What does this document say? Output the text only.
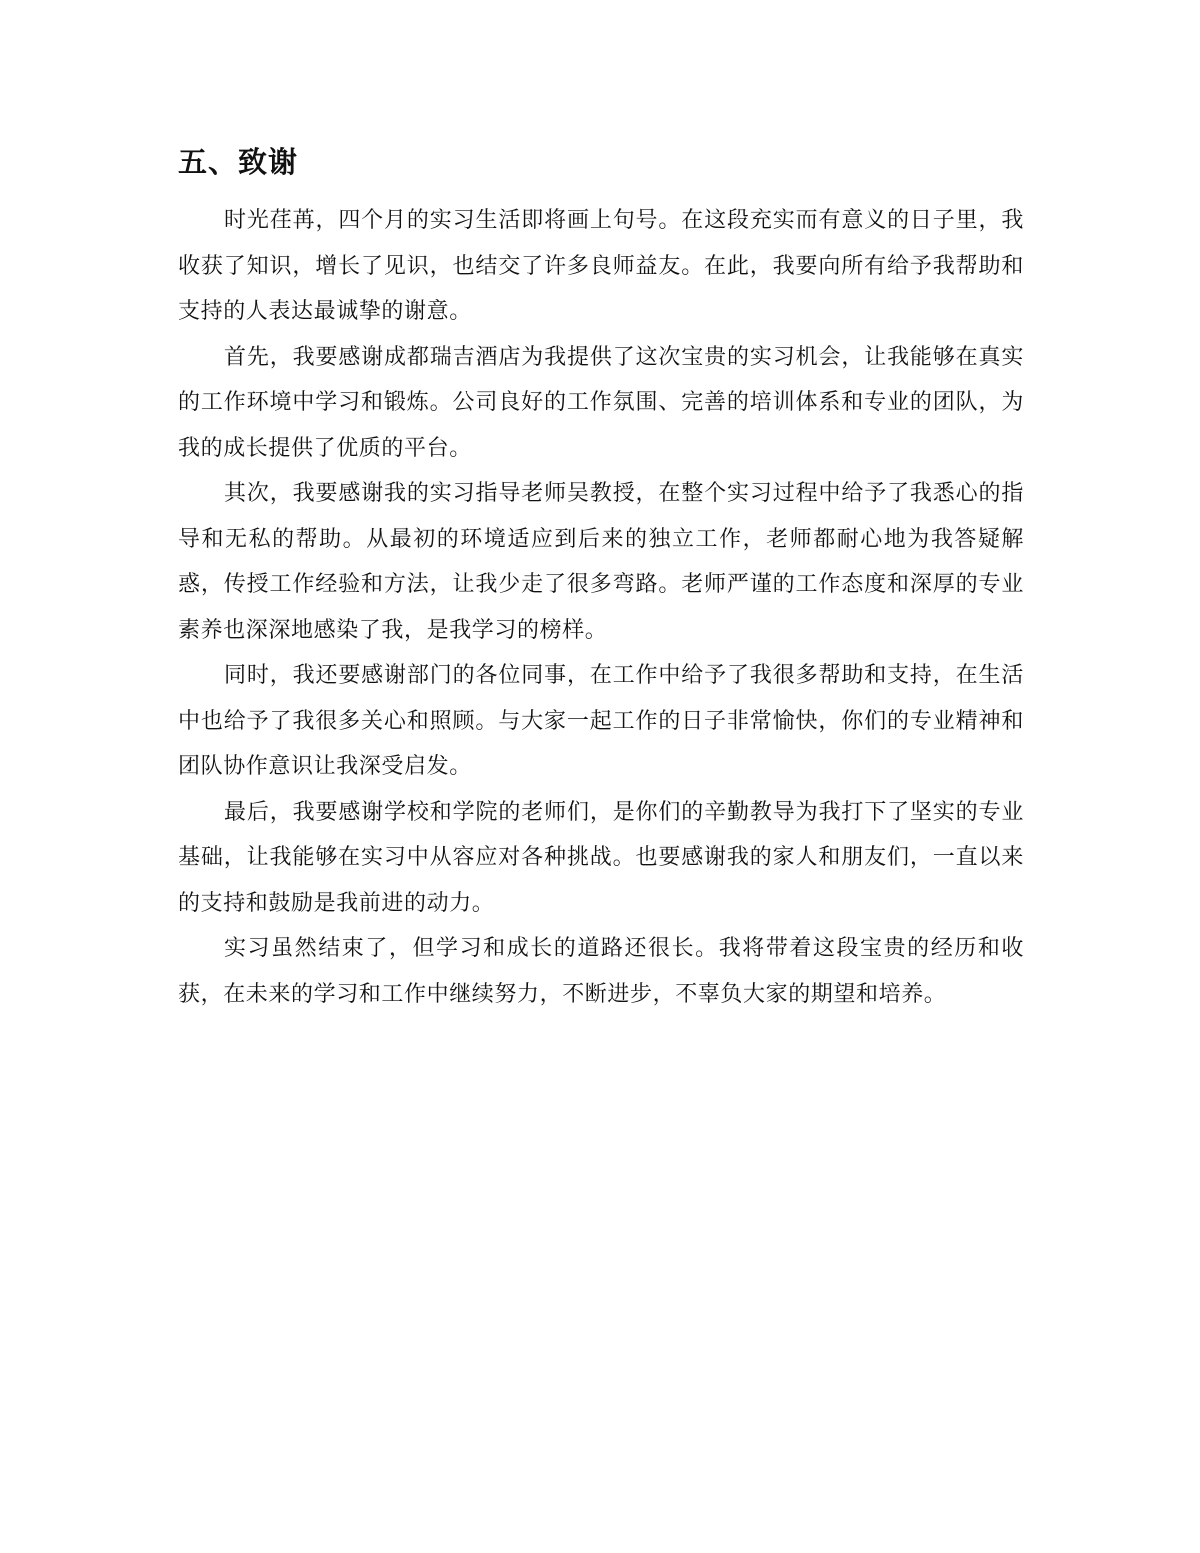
五、致谢

时光荏苒，四个月的实习生活即将画上句号。在这段充实而有意义的日子里，我收获了知识，增长了见识，也结交了许多良师益友。在此，我要向所有给予我帮助和支持的人表达最诚挚的谢意。

首先，我要感谢成都瑞吉酒店为我提供了这次宝贵的实习机会，让我能够在真实的工作环境中学习和锻炼。公司良好的工作氛围、完善的培训体系和专业的团队，为我的成长提供了优质的平台。

其次，我要感谢我的实习指导老师吴教授，在整个实习过程中给予了我悉心的指导和无私的帮助。从最初的环境适应到后来的独立工作，老师都耐心地为我答疑解惑，传授工作经验和方法，让我少走了很多弯路。老师严谨的工作态度和深厚的专业素养也深深地感染了我，是我学习的榜样。

同时，我还要感谢部门的各位同事，在工作中给予了我很多帮助和支持，在生活中也给予了我很多关心和照顾。与大家一起工作的日子非常愉快，你们的专业精神和团队协作意识让我深受启发。

最后，我要感谢学校和学院的老师们，是你们的辛勤教导为我打下了坚实的专业基础，让我能够在实习中从容应对各种挑战。也要感谢我的家人和朋友们，一直以来的支持和鼓励是我前进的动力。

实习虽然结束了，但学习和成长的道路还很长。我将带着这段宝贵的经历和收获，在未来的学习和工作中继续努力，不断进步，不辜负大家的期望和培养。
